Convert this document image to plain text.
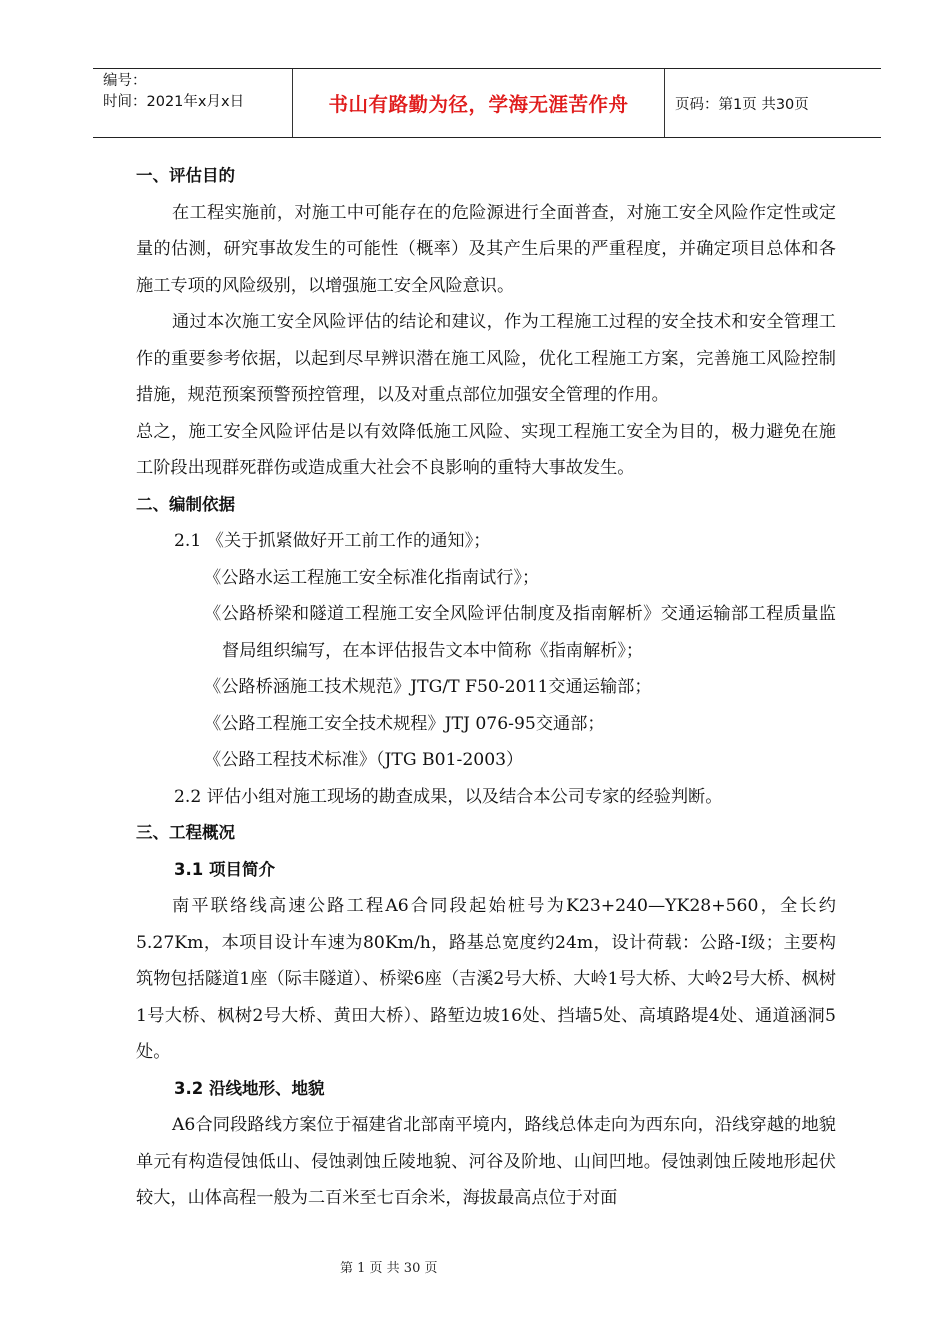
编号：
时间：2021年x月x日	书山有路勤为径，学海无涯苦作舟	页码：第1页 共30页

一、评估目的

在工程实施前，对施工中可能存在的危险源进行全面普查，对施工安全风险作定性或定量的估测，研究事故发生的可能性（概率）及其产生后果的严重程度，并确定项目总体和各施工专项的风险级别，以增强施工安全风险意识。

通过本次施工安全风险评估的结论和建议，作为工程施工过程的安全技术和安全管理工作的重要参考依据，以起到尽早辨识潜在施工风险，优化工程施工方案，完善施工风险控制措施，规范预案预警预控管理，以及对重点部位加强安全管理的作用。

总之，施工安全风险评估是以有效降低施工风险、实现工程施工安全为目的，极力避免在施工阶段出现群死群伤或造成重大社会不良影响的重特大事故发生。

二、编制依据

2.1 《关于抓紧做好开工前工作的通知》；

《公路水运工程施工安全标准化指南试行》；

《公路桥梁和隧道工程施工安全风险评估制度及指南解析》交通运输部工程质量监督局组织编写，在本评估报告文本中简称《指南解析》；

《公路桥涵施工技术规范》JTG/T F50-2011交通运输部；

《公路工程施工安全技术规程》JTJ 076-95交通部；

《公路工程技术标准》（JTG B01-2003）

2.2 评估小组对施工现场的勘查成果，以及结合本公司专家的经验判断。

三、工程概况

3.1 项目简介

南平联络线高速公路工程A6合同段起始桩号为K23+240—YK28+560，全长约5.27Km，本项目设计车速为80Km/h，路基总宽度约24m，设计荷载：公路-I级；主要构筑物包括隧道1座（际丰隧道）、桥梁6座（吉溪2号大桥、大岭1号大桥、大岭2号大桥、枫树1号大桥、枫树2号大桥、黄田大桥）、路堑边坡16处、挡墙5处、高填路堤4处、通道涵洞5处。

3.2 沿线地形、地貌

A6合同段路线方案位于福建省北部南平境内，路线总体走向为西东向，沿线穿越的地貌单元有构造侵蚀低山、侵蚀剥蚀丘陵地貌、河谷及阶地、山间凹地。侵蚀剥蚀丘陵地形起伏较大，山体高程一般为二百米至七百余米，海拔最高点位于对面

第 1 页 共 30 页
